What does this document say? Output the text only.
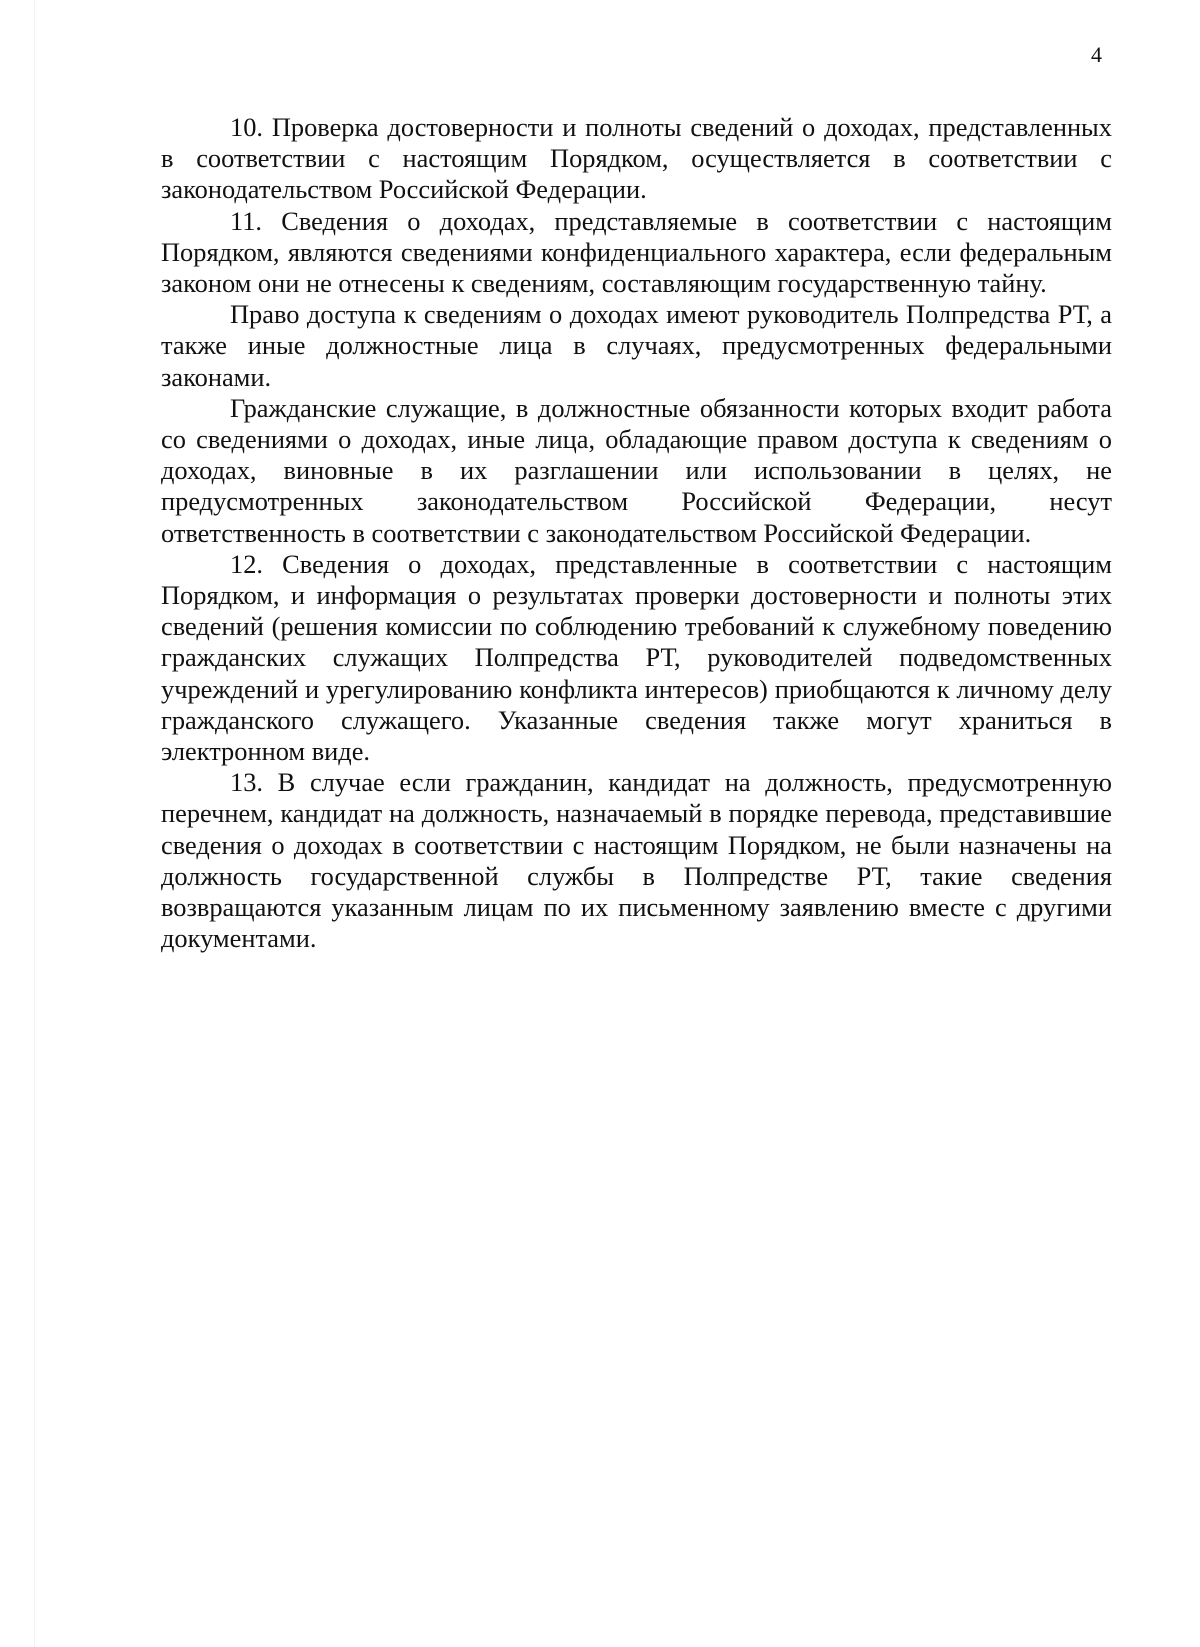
4

10. Проверка достоверности и полноты сведений о доходах, представленных в соответствии с настоящим Порядком, осуществляется в соответствии с законодательством Российской Федерации.

11. Сведения о доходах, представляемые в соответствии с настоящим Порядком, являются сведениями конфиденциального характера, если федеральным законом они не отнесены к сведениям, составляющим государственную тайну.

Право доступа к сведениям о доходах имеют руководитель Полпредства РТ, а также иные должностные лица в случаях, предусмотренных федеральными законами.

Гражданские служащие, в должностные обязанности которых входит работа со сведениями о доходах, иные лица, обладающие правом доступа к сведениям о доходах, виновные в их разглашении или использовании в целях, не предусмотренных законодательством Российской Федерации, несут ответственность в соответствии с законодательством Российской Федерации.

12. Сведения о доходах, представленные в соответствии с настоящим Порядком, и информация о результатах проверки достоверности и полноты этих сведений (решения комиссии по соблюдению требований к служебному поведению гражданских служащих Полпредства РТ, руководителей подведомственных учреждений и урегулированию конфликта интересов) приобщаются к личному делу гражданского служащего. Указанные сведения также могут храниться в электронном виде.

13. В случае если гражданин, кандидат на должность, предусмотренную перечнем, кандидат на должность, назначаемый в порядке перевода, представившие сведения о доходах в соответствии с настоящим Порядком, не были назначены на должность государственной службы в Полпредстве РТ, такие сведения возвращаются указанным лицам по их письменному заявлению вместе с другими документами.
